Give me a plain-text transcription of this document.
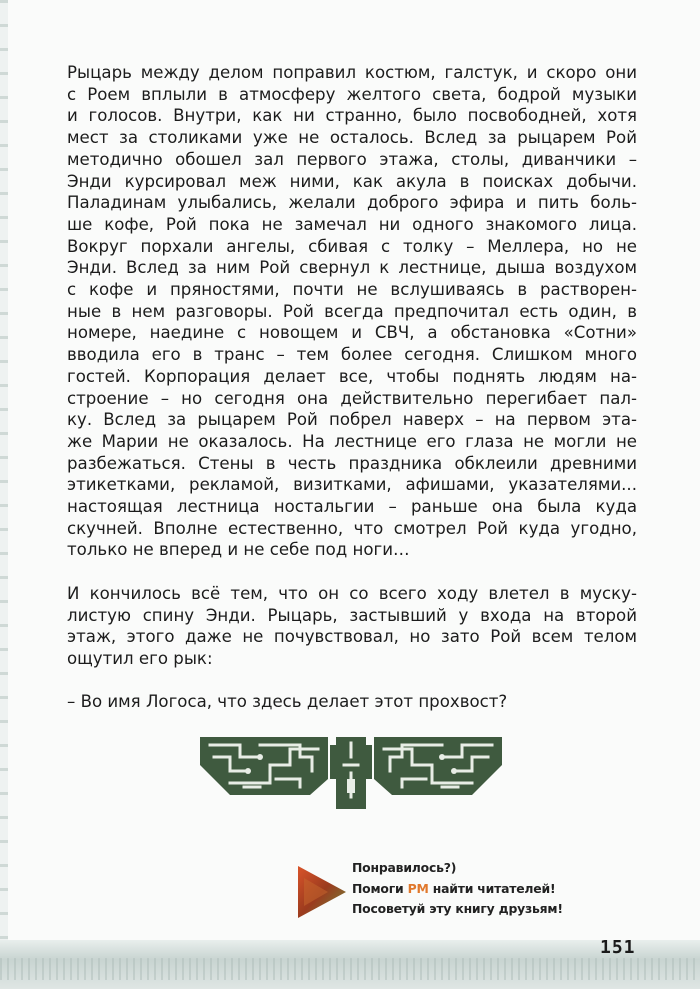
Рыцарь между делом поправил костюм, галстук, и скоро они
с Роем вплыли в атмосферу желтого света, бодрой музыки
и голосов. Внутри, как ни странно, было посвободней, хотя
мест за столиками уже не осталось. Вслед за рыцарем Рой
методично обошел зал первого этажа, столы, диванчики –
Энди курсировал меж ними, как акула в поисках добычи.
Паладинам улыбались, желали доброго эфира и пить боль-
ше кофе, Рой пока не замечал ни одного знакомого лица.
Вокруг порхали ангелы, сбивая с толку – Меллера, но не
Энди. Вслед за ним Рой свернул к лестнице, дыша воздухом
с кофе и пряностями, почти не вслушиваясь в растворен-
ные в нем разговоры. Рой всегда предпочитал есть один, в
номере, наедине с новощем и СВЧ, а обстановка «Сотни»
вводила его в транс – тем более сегодня. Слишком много
гостей. Корпорация делает все, чтобы поднять людям на-
строение – но сегодня она действительно перегибает пал-
ку. Вслед за рыцарем Рой побрел наверх – на первом эта-
же Марии не оказалось. На лестнице его глаза не могли не
разбежаться. Стены в честь праздника обклеили древними
этикетками, рекламой, визитками, афишами, указателями...
настоящая лестница ностальгии – раньше она была куда
скучней. Вполне естественно, что смотрел Рой куда угодно,
только не вперед и не себе под ноги…

И кончилось всё тем, что он со всего ходу влетел в муску-
листую спину Энди. Рыцарь, застывший у входа на второй
этаж, этого даже не почувствовал, но зато Рой всем телом
ощутил его рык:

– Во имя Логоса, что здесь делает этот прохвост?

Понравилось?)
Помоги РМ найти читателей!
Посоветуй эту книгу друзьям!
151
